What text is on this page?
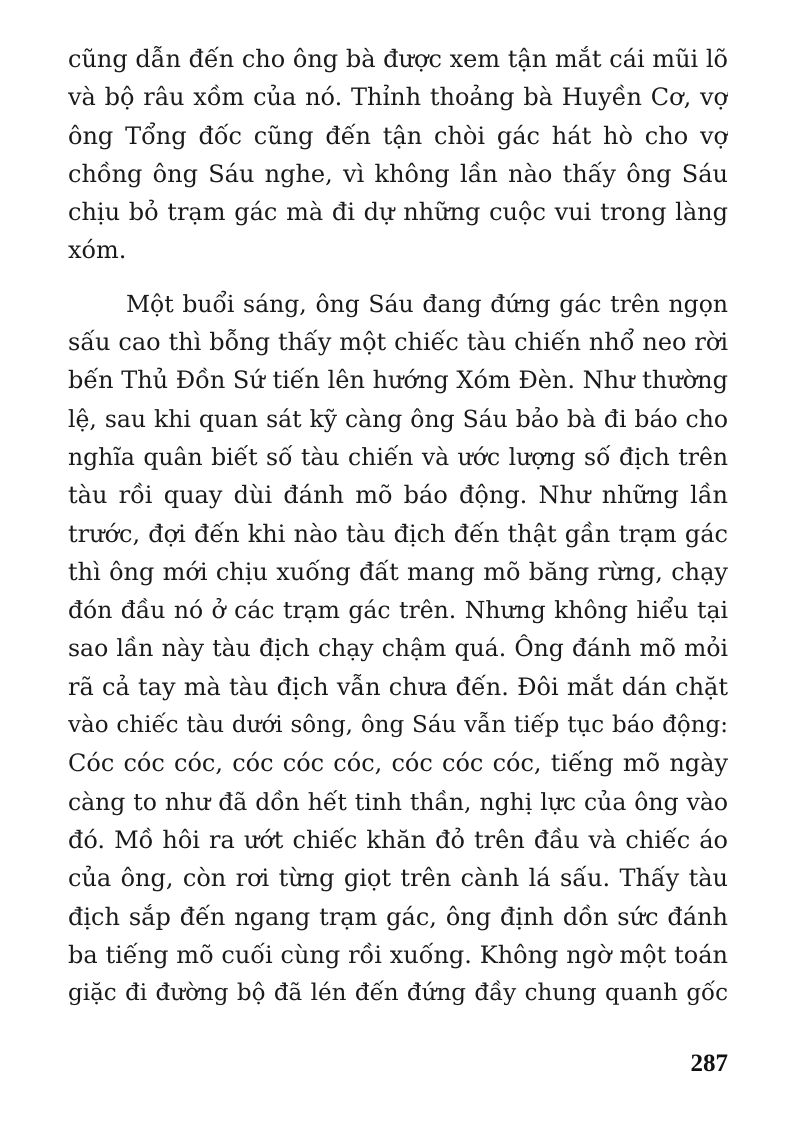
cũng dẫn đến cho ông bà được xem tận mắt cái mũi lõ
và bộ râu xồm của nó. Thỉnh thoảng bà Huyền Cơ, vợ
ông Tổng đốc cũng đến tận chòi gác hát hò cho vợ
chồng ông Sáu nghe, vì không lần nào thấy ông Sáu
chịu bỏ trạm gác mà đi dự những cuộc vui trong làng
xóm.
Một buổi sáng, ông Sáu đang đứng gác trên ngọn
sấu cao thì bỗng thấy một chiếc tàu chiến nhổ neo rời
bến Thủ Đồn Sứ tiến lên hướng Xóm Đèn. Như thường
lệ, sau khi quan sát kỹ càng ông Sáu bảo bà đi báo cho
nghĩa quân biết số tàu chiến và ước lượng số địch trên
tàu rồi quay dùi đánh mõ báo động. Như những lần
trước, đợi đến khi nào tàu địch đến thật gần trạm gác
thì ông mới chịu xuống đất mang mõ băng rừng, chạy
đón đầu nó ở các trạm gác trên. Nhưng không hiểu tại
sao lần này tàu địch chạy chậm quá. Ông đánh mõ mỏi
rã cả tay mà tàu địch vẫn chưa đến. Đôi mắt dán chặt
vào chiếc tàu dưới sông, ông Sáu vẫn tiếp tục báo động:
Cóc cóc cóc, cóc cóc cóc, cóc cóc cóc, tiếng mõ ngày
càng to như đã dồn hết tinh thần, nghị lực của ông vào
đó. Mồ hôi ra ướt chiếc khăn đỏ trên đầu và chiếc áo
của ông, còn rơi từng giọt trên cành lá sấu. Thấy tàu
địch sắp đến ngang trạm gác, ông định dồn sức đánh
ba tiếng mõ cuối cùng rồi xuống. Không ngờ một toán
giặc đi đường bộ đã lén đến đứng đầy chung quanh gốc
287
